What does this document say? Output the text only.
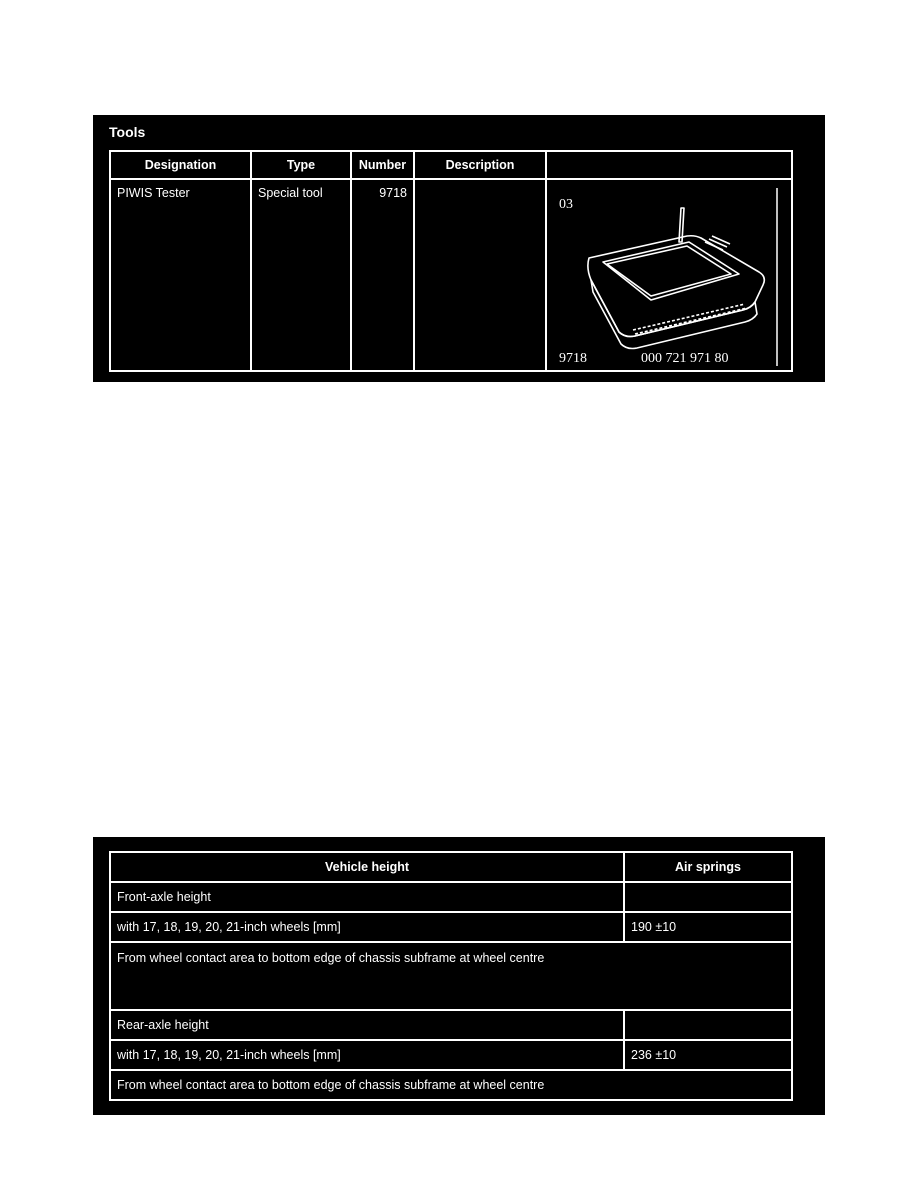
Tools
Designation	Type	Number	Description	
PIWIS Tester	Special tool	9718		03
9718 000 721 971 80
Vehicle height	Air springs
Front-axle height	
with 17, 18, 19, 20, 21-inch wheels [mm]	190 ±10
From wheel contact area to bottom edge of chassis subframe at wheel centre	
Rear-axle height	
with 17, 18, 19, 20, 21-inch wheels [mm]	236 ±10
From wheel contact area to bottom edge of chassis subframe at wheel centre	
